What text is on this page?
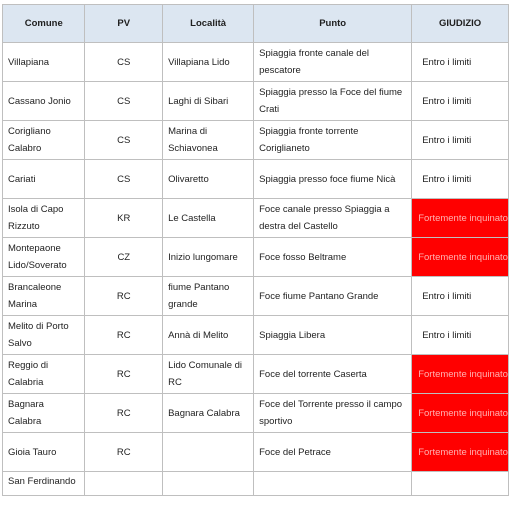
Comune	PV	Località	Punto	GIUDIZIO
Villapiana	CS	Villapiana Lido	Spiaggia fronte canale del pescatore	Entro i limiti
Cassano Jonio	CS	Laghi di Sibari	Spiaggia presso la Foce del fiume Crati	Entro i limiti
Corigliano Calabro	CS	Marina di Schiavonea	Spiaggia fronte torrente Coriglianeto	Entro i limiti
Cariati	CS	Olivaretto	Spiaggia presso foce fiume Nicà	Entro i limiti
Isola di Capo Rizzuto	KR	Le Castella	Foce canale presso Spiaggia a destra del Castello	Fortemente inquinato
Montepaone Lido/Soverato	CZ	Inizio lungomare	Foce fosso Beltrame	Fortemente inquinato
Brancaleone Marina	RC	fiume Pantano grande	Foce fiume Pantano Grande	Entro i limiti
Melito di Porto Salvo	RC	Annà di Melito	Spiaggia Libera	Entro i limiti
Reggio di Calabria	RC	Lido Comunale di RC	Foce del torrente Caserta	Fortemente inquinato
Bagnara Calabra	RC	Bagnara Calabra	Foce del Torrente presso il campo sportivo	Fortemente inquinato
Gioia Tauro	RC		Foce del Petrace	Fortemente inquinato
San Ferdinando				
